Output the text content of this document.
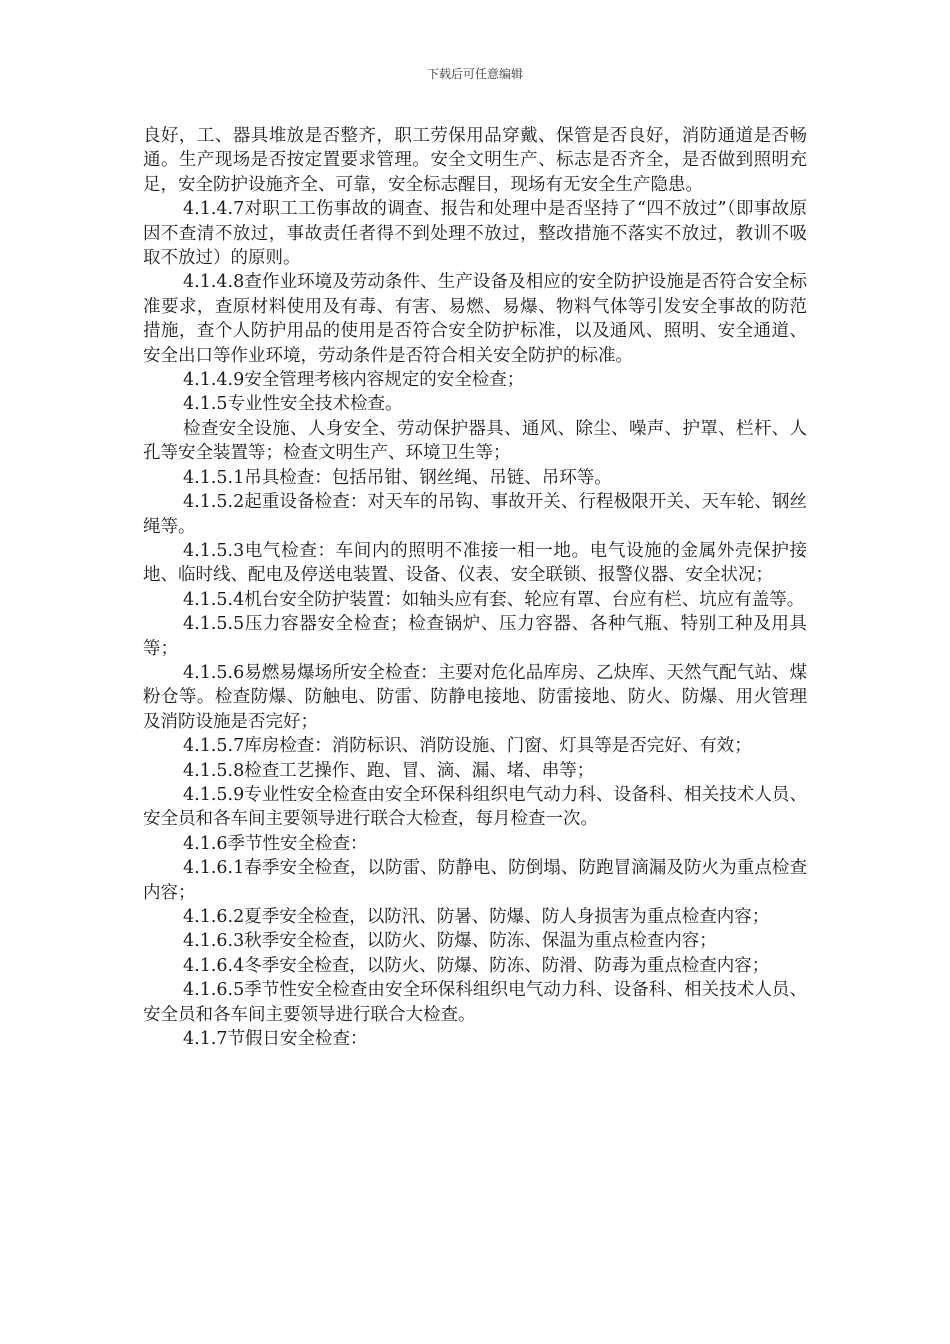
下载后可任意编辑

良好，工、器具堆放是否整齐，职工劳保用品穿戴、保管是否良好，消防通道是否畅通。生产现场是否按定置要求管理。安全文明生产、标志是否齐全，是否做到照明充足，安全防护设施齐全、可靠，安全标志醒目，现场有无安全生产隐患。

4.1.4.7对职工工伤事故的调查、报告和处理中是否坚持了“四不放过”（即事故原因不查清不放过，事故责任者得不到处理不放过，整改措施不落实不放过，教训不吸取不放过）的原则。

4.1.4.8查作业环境及劳动条件、生产设备及相应的安全防护设施是否符合安全标准要求，查原材料使用及有毒、有害、易燃、易爆、物料气体等引发安全事故的防范措施，查个人防护用品的使用是否符合安全防护标准，以及通风、照明、安全通道、安全出口等作业环境，劳动条件是否符合相关安全防护的标准。

4.1.4.9安全管理考核内容规定的安全检查；

4.1.5专业性安全技术检查。

检查安全设施、人身安全、劳动保护器具、通风、除尘、噪声、护罩、栏杆、人孔等安全装置等；检查文明生产、环境卫生等；

4.1.5.1吊具检查：包括吊钳、钢丝绳、吊链、吊环等。

4.1.5.2起重设备检查：对天车的吊钩、事故开关、行程极限开关、天车轮、钢丝绳等。

4.1.5.3电气检查：车间内的照明不准接一相一地。电气设施的金属外壳保护接地、临时线、配电及停送电装置、设备、仪表、安全联锁、报警仪器、安全状况；

4.1.5.4机台安全防护装置：如轴头应有套、轮应有罩、台应有栏、坑应有盖等。

4.1.5.5压力容器安全检查；检查锅炉、压力容器、各种气瓶、特别工种及用具等；

4.1.5.6易燃易爆场所安全检查：主要对危化品库房、乙炔库、天然气配气站、煤粉仓等。检查防爆、防触电、防雷、防静电接地、防雷接地、防火、防爆、用火管理及消防设施是否完好；

4.1.5.7库房检查：消防标识、消防设施、门窗、灯具等是否完好、有效；

4.1.5.8检查工艺操作、跑、冒、滴、漏、堵、串等；

4.1.5.9专业性安全检查由安全环保科组织电气动力科、设备科、相关技术人员、安全员和各车间主要领导进行联合大检查，每月检查一次。

4.1.6季节性安全检查：

4.1.6.1春季安全检查，以防雷、防静电、防倒塌、防跑冒滴漏及防火为重点检查内容；

4.1.6.2夏季安全检查，以防汛、防暑、防爆、防人身损害为重点检查内容；

4.1.6.3秋季安全检查，以防火、防爆、防冻、保温为重点检查内容；

4.1.6.4冬季安全检查，以防火、防爆、防冻、防滑、防毒为重点检查内容；

4.1.6.5季节性安全检查由安全环保科组织电气动力科、设备科、相关技术人员、安全员和各车间主要领导进行联合大检查。

4.1.7节假日安全检查：
